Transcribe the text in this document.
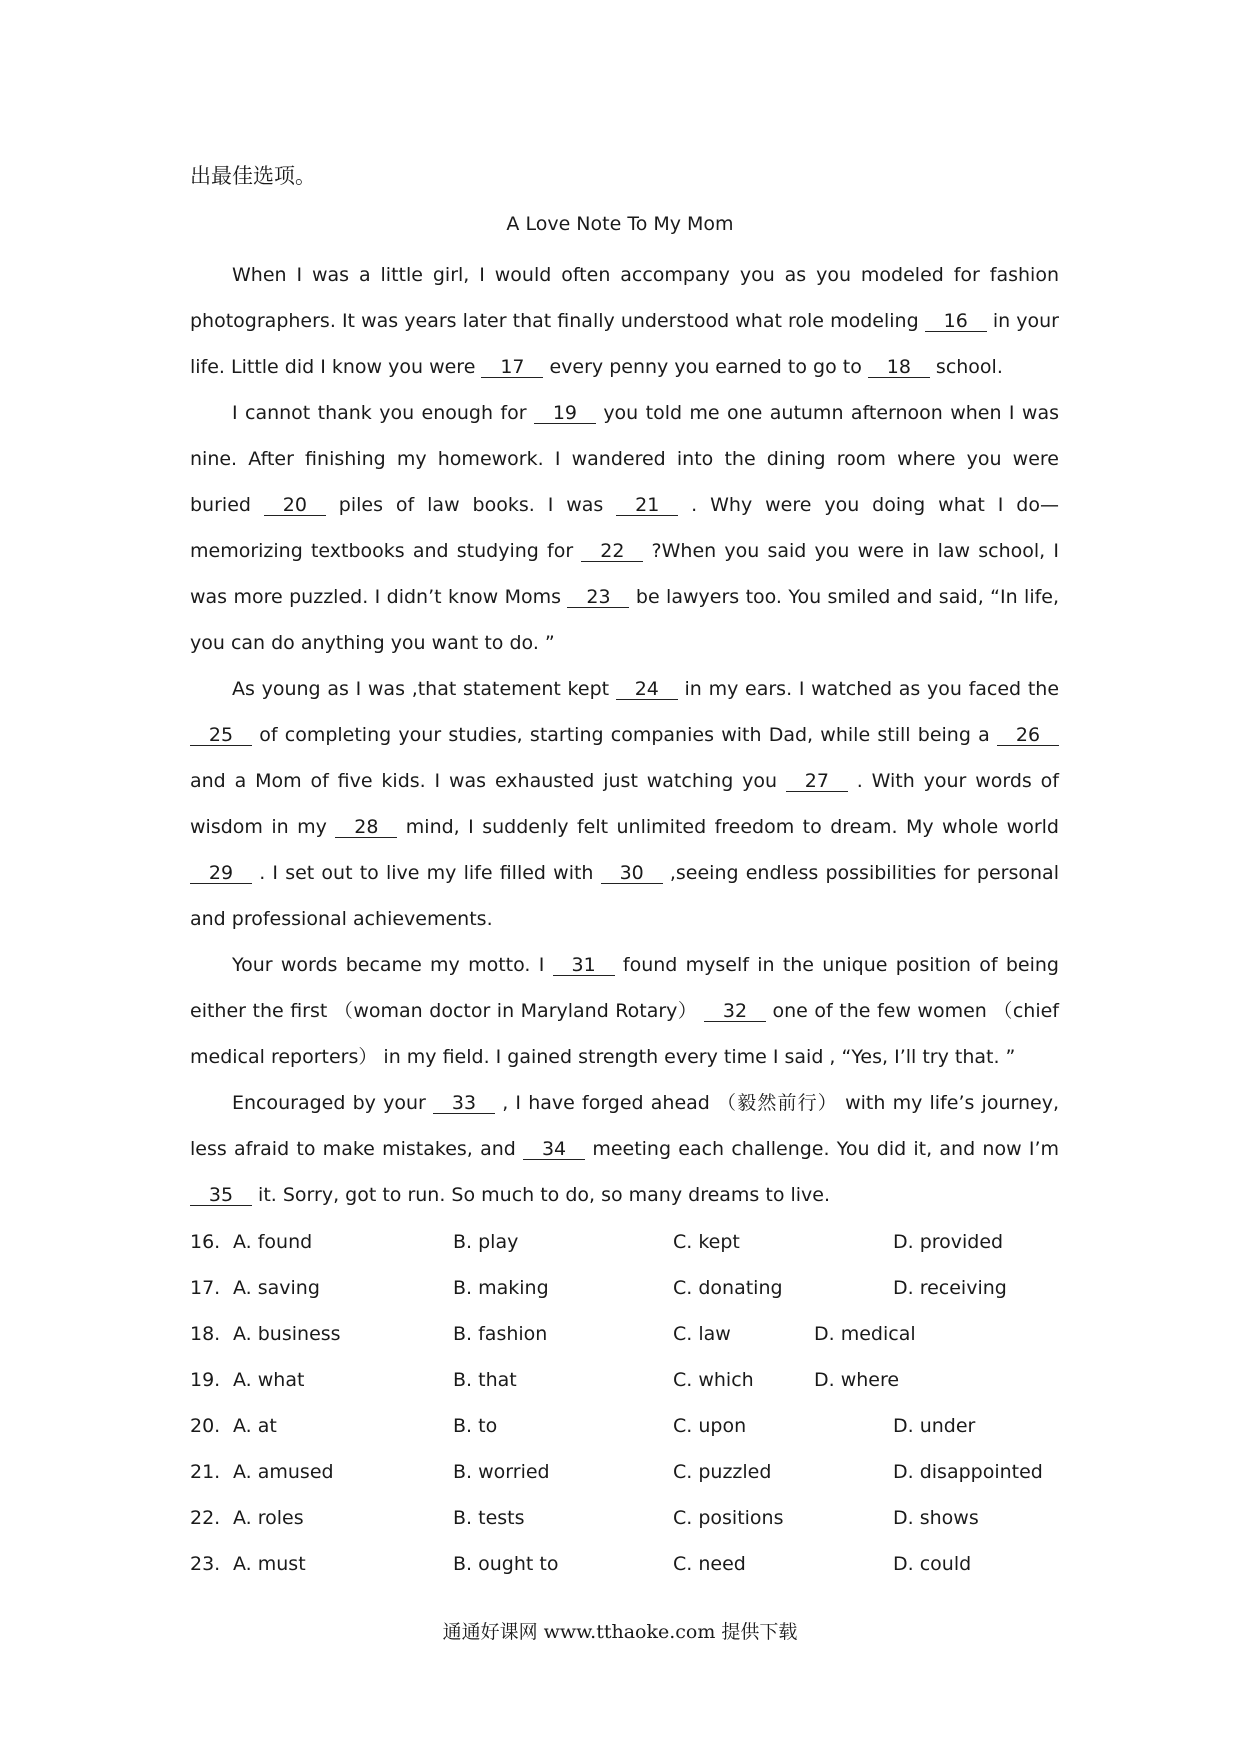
出最佳选项。
A Love Note To My Mom

When I was a little girl, I would often accompany you as you modeled for fashion photographers. It was years later that finally understood what role modeling 16 in your life. Little did I know you were 17 every penny you earned to go to 18 school.

I cannot thank you enough for 19 you told me one autumn afternoon when I was nine. After finishing my homework. I wandered into the dining room where you were buried 20 piles of law books. I was 21 . Why were you doing what I do—memorizing textbooks and studying for 22 ?When you said you were in law school, I was more puzzled. I didn’t know Moms 23 be lawyers too. You smiled and said, “In life, you can do anything you want to do. ”

As young as I was ,that statement kept 24 in my ears. I watched as you faced the 25 of completing your studies, starting companies with Dad, while still being a 26 and a Mom of five kids. I was exhausted just watching you 27 . With your words of wisdom in my 28 mind, I suddenly felt unlimited freedom to dream. My whole world 29 . I set out to live my life filled with 30 ,seeing endless possibilities for personal and professional achievements.

Your words became my motto. I 31 found myself in the unique position of being either the first （woman doctor in Maryland Rotary） 32 one of the few women （chief medical reporters） in my field. I gained strength every time I said , “Yes, I’ll try that. ”

Encouraged by your 33 , I have forged ahead （毅然前行） with my life’s journey, less afraid to make mistakes, and 34 meeting each challenge. You did it, and now I’m 35 it. Sorry, got to run. So much to do, so many dreams to live.

16. A. found	B. play	C. kept	D. provided
17. A. saving	B. making	C. donating	D. receiving
18. A. business	B. fashion	C. law	D. medical
19. A. what	B. that	C. which	D. where
20. A. at	B. to	C. upon	D. under
21. A. amused	B. worried	C. puzzled	D. disappointed
22. A. roles	B. tests	C. positions	D. shows
23. A. must	B. ought to	C. need	D. could
通通好课网 www.tthaoke.com 提供下载
